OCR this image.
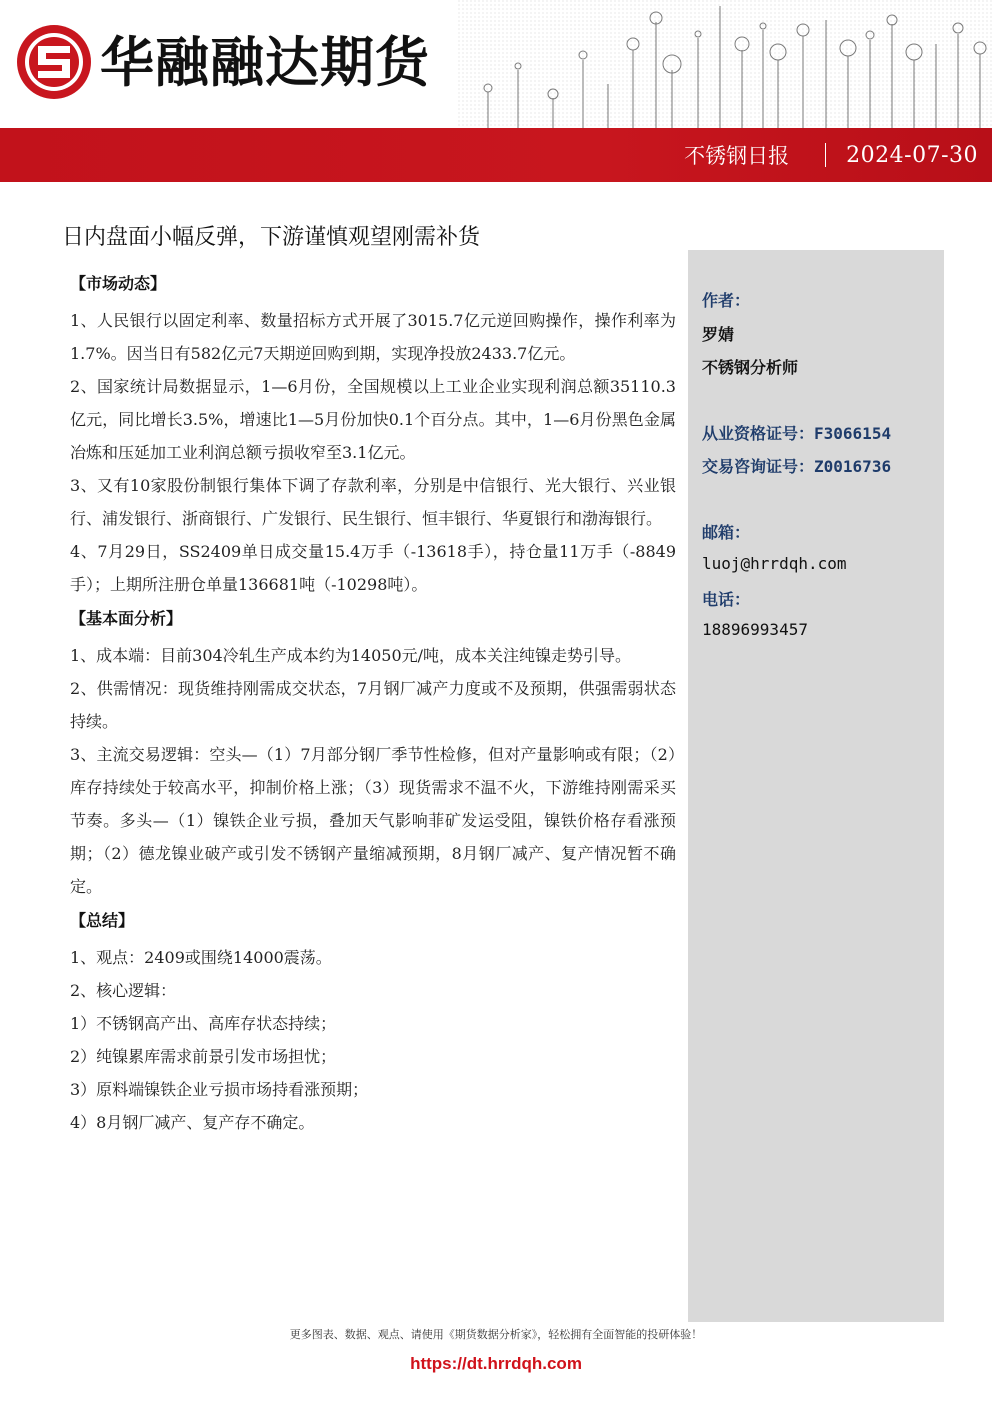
华融融达期货
不锈钢日报	2024-07-30
日内盘面小幅反弹，下游谨慎观望刚需补货
【市场动态】

1、人民银行以固定利率、数量招标方式开展了3015.7亿元逆回购操作，操作利率为1.7%。因当日有582亿元7天期逆回购到期，实现净投放2433.7亿元。

2、国家统计局数据显示，1—6月份，全国规模以上工业企业实现利润总额35110.3亿元，同比增长3.5%，增速比1—5月份加快0.1个百分点。其中，1—6月份黑色金属冶炼和压延加工业利润总额亏损收窄至3.1亿元。

3、又有10家股份制银行集体下调了存款利率，分别是中信银行、光大银行、兴业银行、浦发银行、浙商银行、广发银行、民生银行、恒丰银行、华夏银行和渤海银行。

4、7月29日，SS2409单日成交量15.4万手（-13618手），持仓量11万手（-8849手）；上期所注册仓单量136681吨（-10298吨）。

【基本面分析】

1、成本端：目前304冷轧生产成本约为14050元/吨，成本关注纯镍走势引导。

2、供需情况：现货维持刚需成交状态，7月钢厂减产力度或不及预期，供强需弱状态持续。

3、主流交易逻辑：空头—（1）7月部分钢厂季节性检修，但对产量影响或有限；（2）库存持续处于较高水平，抑制价格上涨；（3）现货需求不温不火，下游维持刚需采买节奏。多头—（1）镍铁企业亏损，叠加天气影响菲矿发运受阻，镍铁价格存看涨预期；（2）德龙镍业破产或引发不锈钢产量缩减预期，8月钢厂减产、复产情况暂不确定。

【总结】

1、观点：2409或围绕14000震荡。

2、核心逻辑：

1）不锈钢高产出、高库存状态持续；

2）纯镍累库需求前景引发市场担忧；

3）原料端镍铁企业亏损市场持看涨预期；

4）8月钢厂减产、复产存不确定。

作者：
罗婧
不锈钢分析师
从业资格证号：F3066154
交易咨询证号：Z0016736
邮箱：
luoj@hrrdqh.com
电话：
18896993457
更多图表、数据、观点、请使用《期货数据分析家》，轻松拥有全面智能的投研体验！
https://dt.hrrdqh.com
